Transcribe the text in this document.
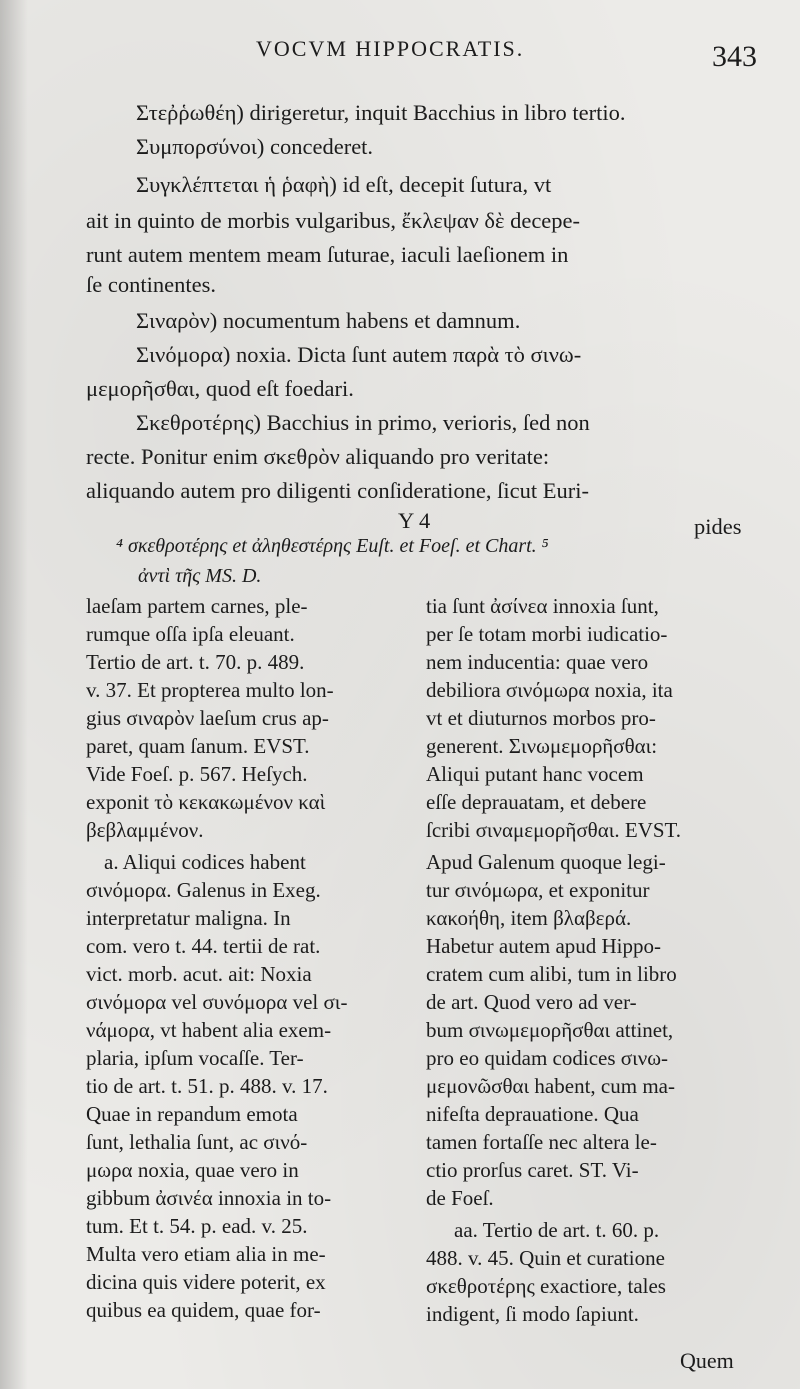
VOCVM HIPPOCRATIS.	343
Στεῤῥωθέη) dirigeretur, inquit Bacchius in libro tertio.
Συμπορσύνοι) concederet.
Συγκλέπτεται ἡ ῥαφὴ) id eſt, decepit ſutura, vt
ait in quinto de morbis vulgaribus, ἔκλεψαν δὲ decepe-
runt autem mentem meam ſuturae, iaculi laeſionem in
ſe continentes.
Σιναρὸν) nocumentum habens et damnum.
Σινόμορα) noxia. Dicta ſunt autem παρὰ τὸ σινω-
μεμορῆσθαι, quod eſt foedari.
Σκεθροτέρης) Bacchius in primo, verioris, ſed non
recte. Ponitur enim σκεθρὸν aliquando pro veritate:
aliquando autem pro diligenti conſideratione, ſicut Euri-
Y 4	pides
⁴ σκεθροτέρης et ἀληθεστέρης Euſt. et Foeſ. et Chart. ⁵
ἀντὶ τῆς MS. D.
laeſam partem carnes, ple-
rumque oſſa ipſa eleuant.
Tertio de art. t. 70. p. 489.
v. 37. Et propterea multo lon-
gius σιναρὸν laeſum crus ap-
paret, quam ſanum. EVST.
Vide Foeſ. p. 567. Heſych.
exponit τὸ κεκακωμένον καὶ
βεβλαμμένον.
a. Aliqui codices habent
σινόμορα. Galenus in Exeg.
interpretatur maligna. In
com. vero t. 44. tertii de rat.
vict. morb. acut. ait: Noxia
σινόμορα vel συνόμορα vel σι-
νάμορα, vt habent alia exem-
plaria, ipſum vocaſſe. Ter-
tio de art. t. 51. p. 488. v. 17.
Quae in repandum emota
ſunt, lethalia ſunt, ac σινό-
μωρα noxia, quae vero in
gibbum ἀσινέα innoxia in to-
tum. Et t. 54. p. ead. v. 25.
Multa vero etiam alia in me-
dicina quis videre poterit, ex
quibus ea quidem, quae for-
tia ſunt ἀσίνεα innoxia ſunt,
per ſe totam morbi iudicatio-
nem inducentia: quae vero
debiliora σινόμωρα noxia, ita
vt et diuturnos morbos pro-
generent. Σινωμεμορῆσθαι:
Aliqui putant hanc vocem
eſſe deprauatam, et debere
ſcribi σιναμεμορῆσθαι. EVST.
Apud Galenum quoque legi-
tur σινόμωρα, et exponitur
κακοήθη, item βλαβερά.
Habetur autem apud Hippo-
cratem cum alibi, tum in libro
de art. Quod vero ad ver-
bum σινωμεμορῆσθαι attinet,
pro eo quidam codices σινω-
μεμονῶσθαι habent, cum ma-
nifeſta deprauatione. Qua
tamen fortaſſe nec altera le-
ctio prorſus caret. ST. Vi-
de Foeſ.
aa. Tertio de art. t. 60. p.
488. v. 45. Quin et curatione
σκεθροτέρης exactiore, tales
indigent, ſi modo ſapiunt.
Quem
